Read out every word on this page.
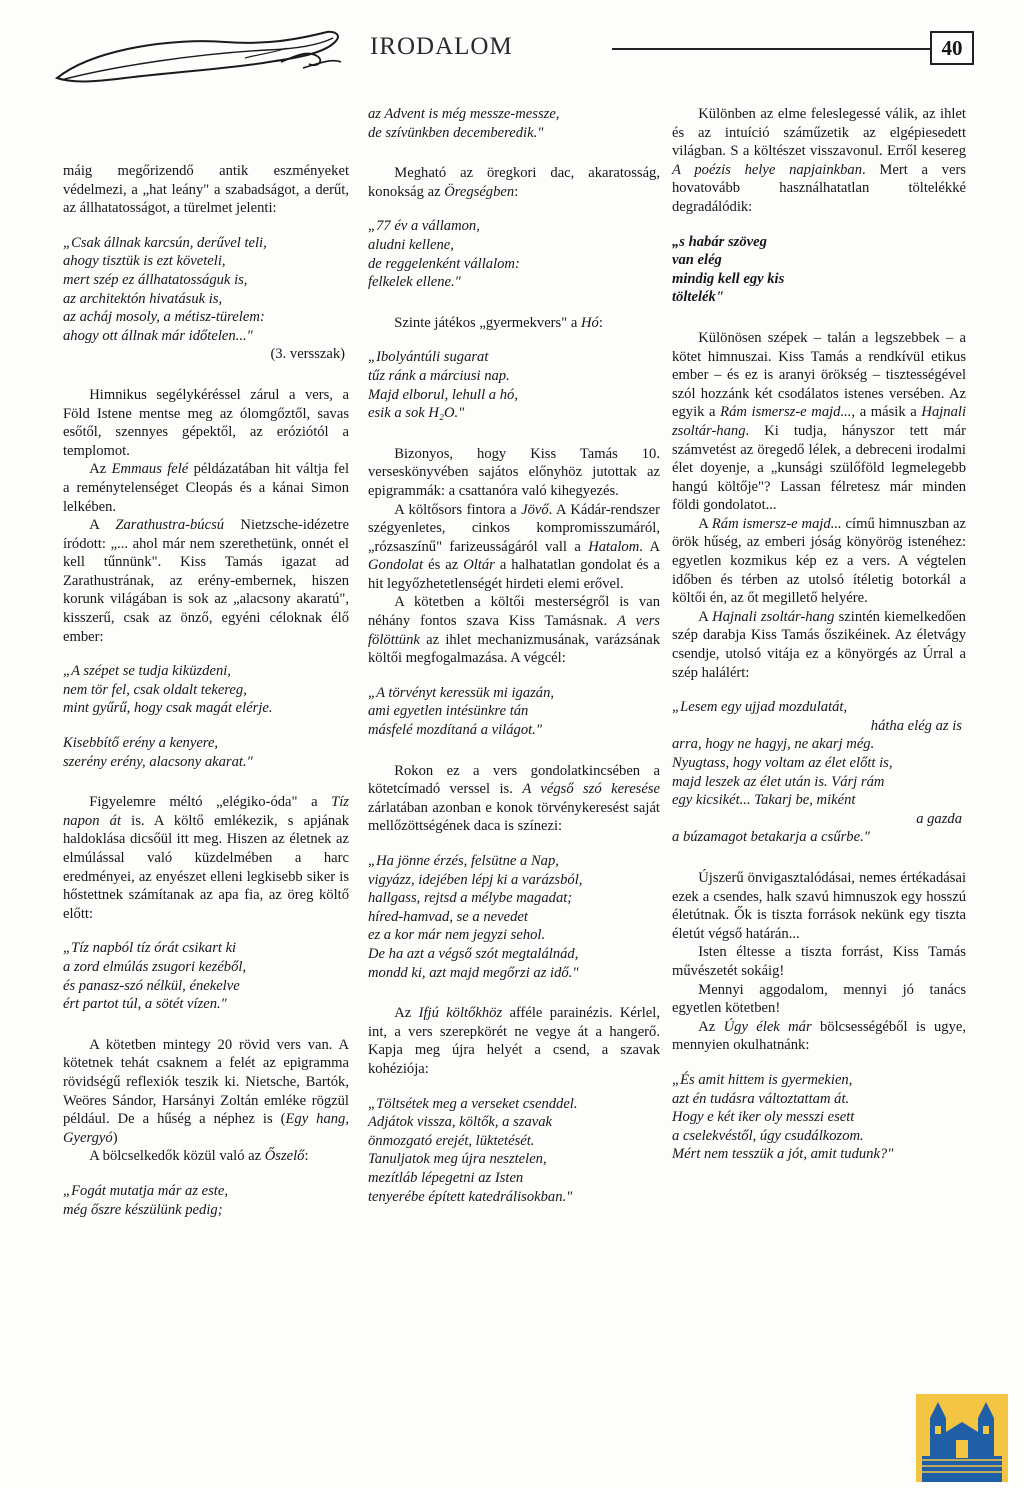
IRODALOM	40

máig megőrizendő antik eszményeket védelmezi, a „hat leány" a szabadságot, a derűt, az állhatatosságot, a türelmet jelenti:

„Csak állnak karcsún, derűvel teli,
ahogy tisztük is ezt követeli,
mert szép ez állhatatosságuk is,
az architektón hivatásuk is,
az acháj mosoly, a métisz-türelem:
ahogy ott állnak már időtelen..."
(3. versszak)

Himnikus segélykéréssel zárul a vers, a Föld Istene mentse meg az ólomgőztől, savas esőtől, szennyes gépektől, az eróziótól a templomot.

Az Emmaus felé példázatában hit váltja fel a reménytelenséget Cleopás és a kánai Simon lelkében.

A Zarathustra-búcsú Nietzsche-idézetre íródott: „... ahol már nem szerethetünk, onnét el kell tűnnünk". Kiss Tamás igazat ad Zarathustrának, az erény-embernek, hiszen korunk világában is sok az „alacsony akaratú", kisszerű, csak az önző, egyéni céloknak élő ember:

„A szépet se tudja kiküzdeni,
nem tör fel, csak oldalt tekereg,
mint gyűrű, hogy csak magát elérje.
Kisebbítő erény a kenyere,
szerény erény, alacsony akarat."

Figyelemre méltó „elégiko-óda" a Tíz napon át is. A költő emlékezik, s apjának haldoklása dicsőül itt meg. Hiszen az életnek az elmúlással való küzdelmében a harc eredményei, az enyészet elleni legkisebb siker is hőstettnek számítanak az apa fia, az öreg költő előtt:

„Tíz napból tíz órát csikart ki
a zord elmúlás zsugori kezéből,
és panasz-szó nélkül, énekelve
ért partot túl, a sötét vízen."

A kötetben mintegy 20 rövid vers van. A kötetnek tehát csaknem a felét az epigramma rövidségű reflexiók teszik ki. Nietsche, Bartók, Weöres Sándor, Harsányi Zoltán emléke rögzül például. De a hűség a néphez is (Egy hang, Gyergyó)

A bölcselkedők közül való az Őszelő:

„Fogát mutatja már az este,
még őszre készülünk pedig;
az Advent is még messze-messze,
de szívünkben decemberedik."

Megható az öregkori dac, akaratosság, konokság az Öregségben:

„77 év a vállamon,
aludni kellene,
de reggelenként vállalom:
felkelek ellene."

Szinte játékos „gyermekvers" a Hó:

„Ibolyántúli sugarat
tűz ránk a márciusi nap.
Majd elborul, lehull a hó,
esik a sok H₂O."

Bizonyos, hogy Kiss Tamás 10. verseskönyvében sajátos előnyhöz jutottak az epigrammák: a csattanóra való kihegyezés.

A költősors fintora a Jövő. A Kádár-rendszer szégyenletes, cinkos kompromisszumáról, „rózsaszínű" farizeusságáról vall a Hatalom. A Gondolat és az Oltár a halhatatlan gondolat és a hit legyőzhetetlenségét hirdeti elemi erővel.

A kötetben a költői mesterségről is van néhány fontos szava Kiss Tamásnak. A vers fölöttünk az ihlet mechanizmusának, varázsának költői megfogalmazása. A végcél:

„A törvényt keressük mi igazán,
ami egyetlen intésünkre tán
másfelé mozdítaná a világot."

Rokon ez a vers gondolatkincsében a kötetcímadó verssel is. A végső szó keresése zárlatában azonban e konok törvénykeresést saját mellőzöttségének daca is színezi:

„Ha jönne érzés, felsütne a Nap,
vigyázz, idejében lépj ki a varázsból,
hallgass, rejtsd a mélybe magadat;
híred-hamvad, se a nevedet
ez a kor már nem jegyzi sehol.
De ha azt a végső szót megtalálnád,
mondd ki, azt majd megőrzi az idő."

Az Ifjú költőkhöz afféle parainézis. Kérlel, int, a vers szerepkörét ne vegye át a hangerő. Kapja meg újra helyét a csend, a szavak kohéziója:

„Töltsétek meg a verseket csenddel.
Adjátok vissza, költők, a szavak
önmozgató erejét, lüktetését.
Tanuljatok meg újra nesztelen,
mezítláb lépegetni az Isten
tenyerébe épített katedrálisokban."

Különben az elme feleslegessé válik, az ihlet és az intuíció száműzetik az elgépiesedett világban. S a költészet visszavonul. Erről kesereg A poézis helye napjainkban. Mert a vers hovatovább használhatatlan töltelékké degradálódik:

„s habár szöveg
van elég
mindig kell egy kis
töltelék"

Különösen szépek – talán a legszebbek – a kötet himnuszai. Kiss Tamás a rendkívül etikus ember – és ez is aranyi örökség – tisztességével szól hozzánk két csodálatos istenes versében. Az egyik a Rám ismersz-e majd..., a másik a Hajnali zsoltár-hang. Ki tudja, hányszor tett már számvetést az öregedő lélek, a debreceni irodalmi élet doyenje, a „kunsági szülőföld legmelegebb hangú költője"? Lassan félretesz már minden földi gondolatot...

A Rám ismersz-e majd... című himnuszban az örök hűség, az emberi jóság könyörög istenéhez: egyetlen kozmikus kép ez a vers. A végtelen időben és térben az utolsó ítéletig botorkál a költői én, az őt megillető helyére.

A Hajnali zsoltár-hang szintén kiemelkedően szép darabja Kiss Tamás őszikéinek. Az életvágy csendje, utolsó vitája ez a könyörgés az Úrral a szép halálért:

„Lesem egy ujjad mozdulatát,
hátha elég az is
arra, hogy ne hagyj, ne akarj még.
Nyugtass, hogy voltam az élet előtt is,
majd leszek az élet után is. Várj rám
egy kicsikét... Takarj be, miként
a gazda
a búzamagot betakarja a csűrbe."

Újszerű önvigasztalódásai, nemes értékadásai ezek a csendes, halk szavú himnuszok egy hosszú életútnak. Ők is tiszta források nekünk egy tiszta életút végső határán...

Isten éltesse a tiszta forrást, Kiss Tamás művészetét sokáig!

Mennyi aggodalom, mennyi jó tanács egyetlen kötetben!

Az Úgy élek már bölcsességéből is ugye, mennyien okulhatnánk:

„És amit hittem is gyermekien,
azt én tudásra változtattam át.
Hogy e két iker oly messzi esett
a cselekvéstől, úgy csudálkozom.
Mért nem tesszük a jót, amit tudunk?"
